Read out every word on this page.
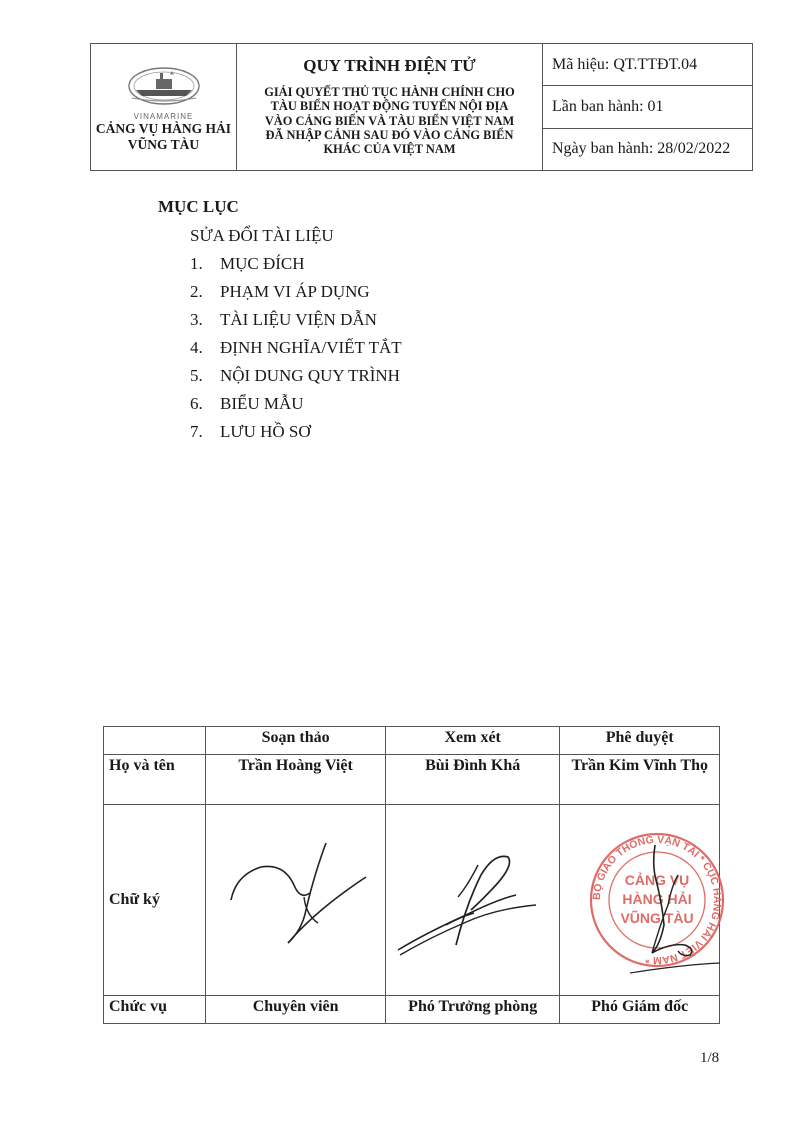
VINAMARINE
CẢNG VỤ HÀNG HẢI
VŨNG TÀU

QUY TRÌNH ĐIỆN TỬ
GIẢI QUYẾT THỦ TỤC HÀNH CHÍNH CHO
TÀU BIỂN HOẠT ĐỘNG TUYẾN NỘI ĐỊA
VÀO CẢNG BIỂN VÀ TÀU BIỂN VIỆT NAM
ĐÃ NHẬP CẢNH SAU ĐÓ VÀO CẢNG BIỂN
KHÁC CỦA VIỆT NAM
	Mã hiệu: QT.TTĐT.04
Lần ban hành: 01
Ngày ban hành: 28/02/2022
MỤC LỤC
SỬA ĐỔI TÀI LIỆU
1. MỤC ĐÍCH
2. PHẠM VI ÁP DỤNG
3. TÀI LIỆU VIỆN DẪN
4. ĐỊNH NGHĨA/VIẾT TẮT
5. NỘI DUNG QUY TRÌNH
6. BIỂU MẪU
7. LƯU HỒ SƠ
	Soạn thảo	Xem xét	Phê duyệt
Họ và tên	Trần Hoàng Việt	Bùi Đình Khá	Trần Kim Vĩnh Thọ
Chữ ký			BỘ GIAO THÔNG VẬN TẢI * CỤC HÀNG HẢI VIỆT NAM *
CẢNG VỤ
HÀNG HẢI
VŨNG TÀU

Chức vụ	Chuyên viên	Phó Trưởng phòng	Phó Giám đốc
1/8
